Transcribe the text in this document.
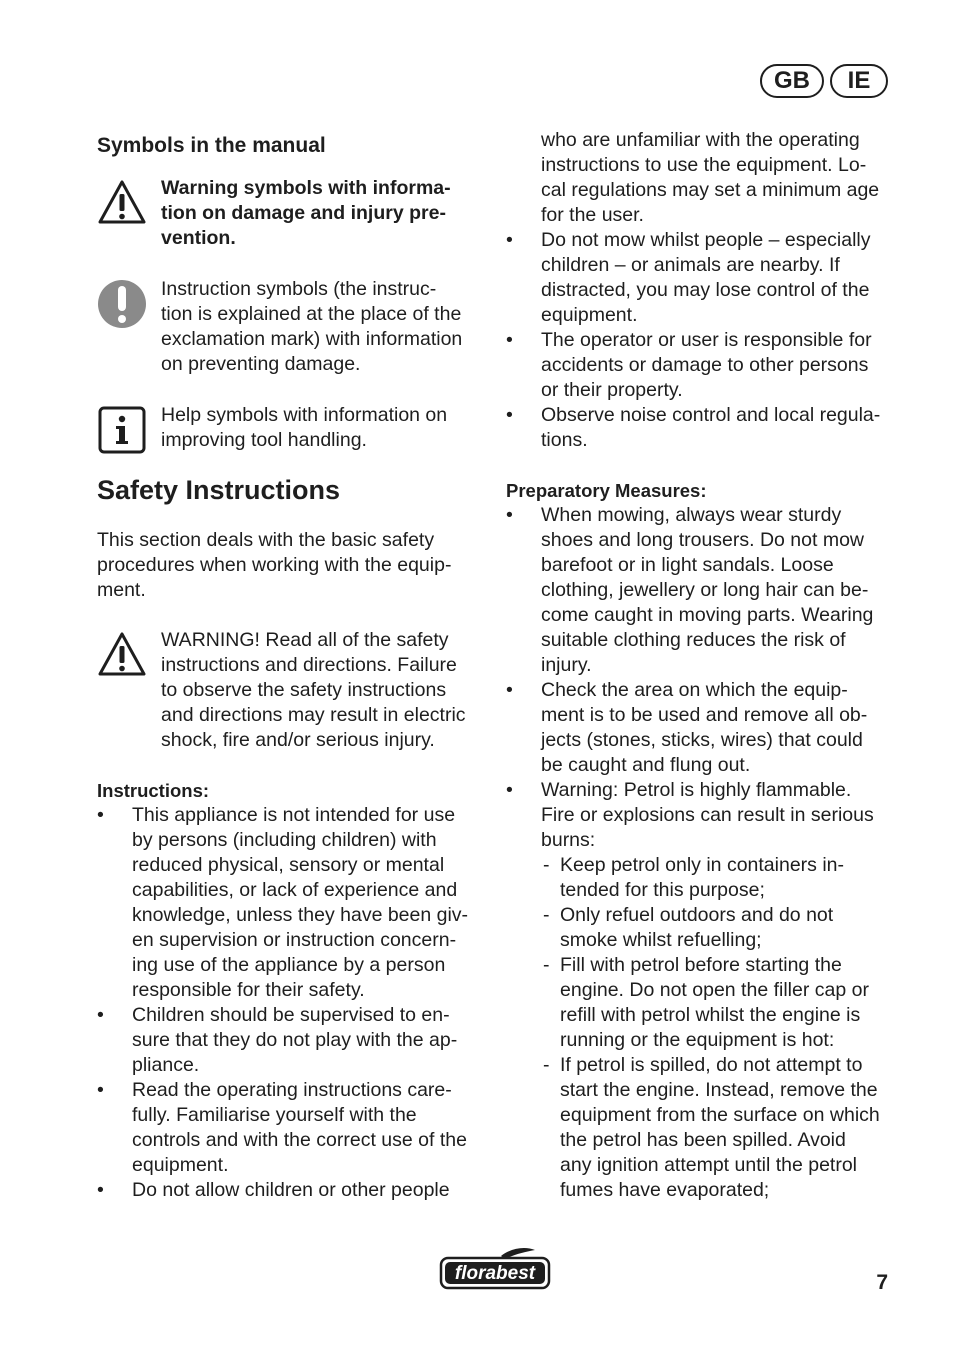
GB	IE
Symbols in the manual
Warning symbols with informa-
tion on damage and injury pre-
vention.
Instruction symbols (the instruc-
tion is explained at the place of the
exclamation mark) with information
on preventing damage.
Help symbols with information on
improving tool handling.
Safety Instructions

This section deals with the basic safety
procedures when working with the equip-
ment.

WARNING! Read all of the safety
instructions and directions. Failure
to observe the safety instructions
and directions may result in electric
shock, fire and/or serious injury.
Instructions:
• This appliance is not intended for use
by persons (including children) with
reduced physical, sensory or mental
capabilities, or lack of experience and
knowledge, unless they have been giv-
en supervision or instruction concern-
ing use of the appliance by a person
responsible for their safety.
• Children should be supervised to en-
sure that they do not play with the ap-
pliance.
• Read the operating instructions care-
fully. Familiarise yourself with the
controls and with the correct use of the
equipment.
• Do not allow children or other people
who are unfamiliar with the operating
instructions to use the equipment. Lo-
cal regulations may set a minimum age
for the user.
• Do not mow whilst people – especially
children – or animals are nearby. If
distracted, you may lose control of the
equipment.
• The operator or user is responsible for
accidents or damage to other persons
or their property.
• Observe noise control and local regula-
tions.
Preparatory Measures:
• When mowing, always wear sturdy
shoes and long trousers. Do not mow
barefoot or in light sandals. Loose
clothing, jewellery or long hair can be-
come caught in moving parts. Wearing
suitable clothing reduces the risk of
injury.
• Check the area on which the equip-
ment is to be used and remove all ob-
jects (stones, sticks, wires) that could
be caught and flung out.
• Warning: Petrol is highly flammable.
Fire or explosions can result in serious
burns:
- Keep petrol only in containers in-
tended for this purpose;
- Only refuel outdoors and do not
smoke whilst refuelling;
- Fill with petrol before starting the
engine. Do not open the filler cap or
refill with petrol whilst the engine is
running or the equipment is hot:
- If petrol is spilled, do not attempt to
start the engine. Instead, remove the
equipment from the surface on which
the petrol has been spilled. Avoid
any ignition attempt until the petrol
fumes have evaporated;
florabest	7
